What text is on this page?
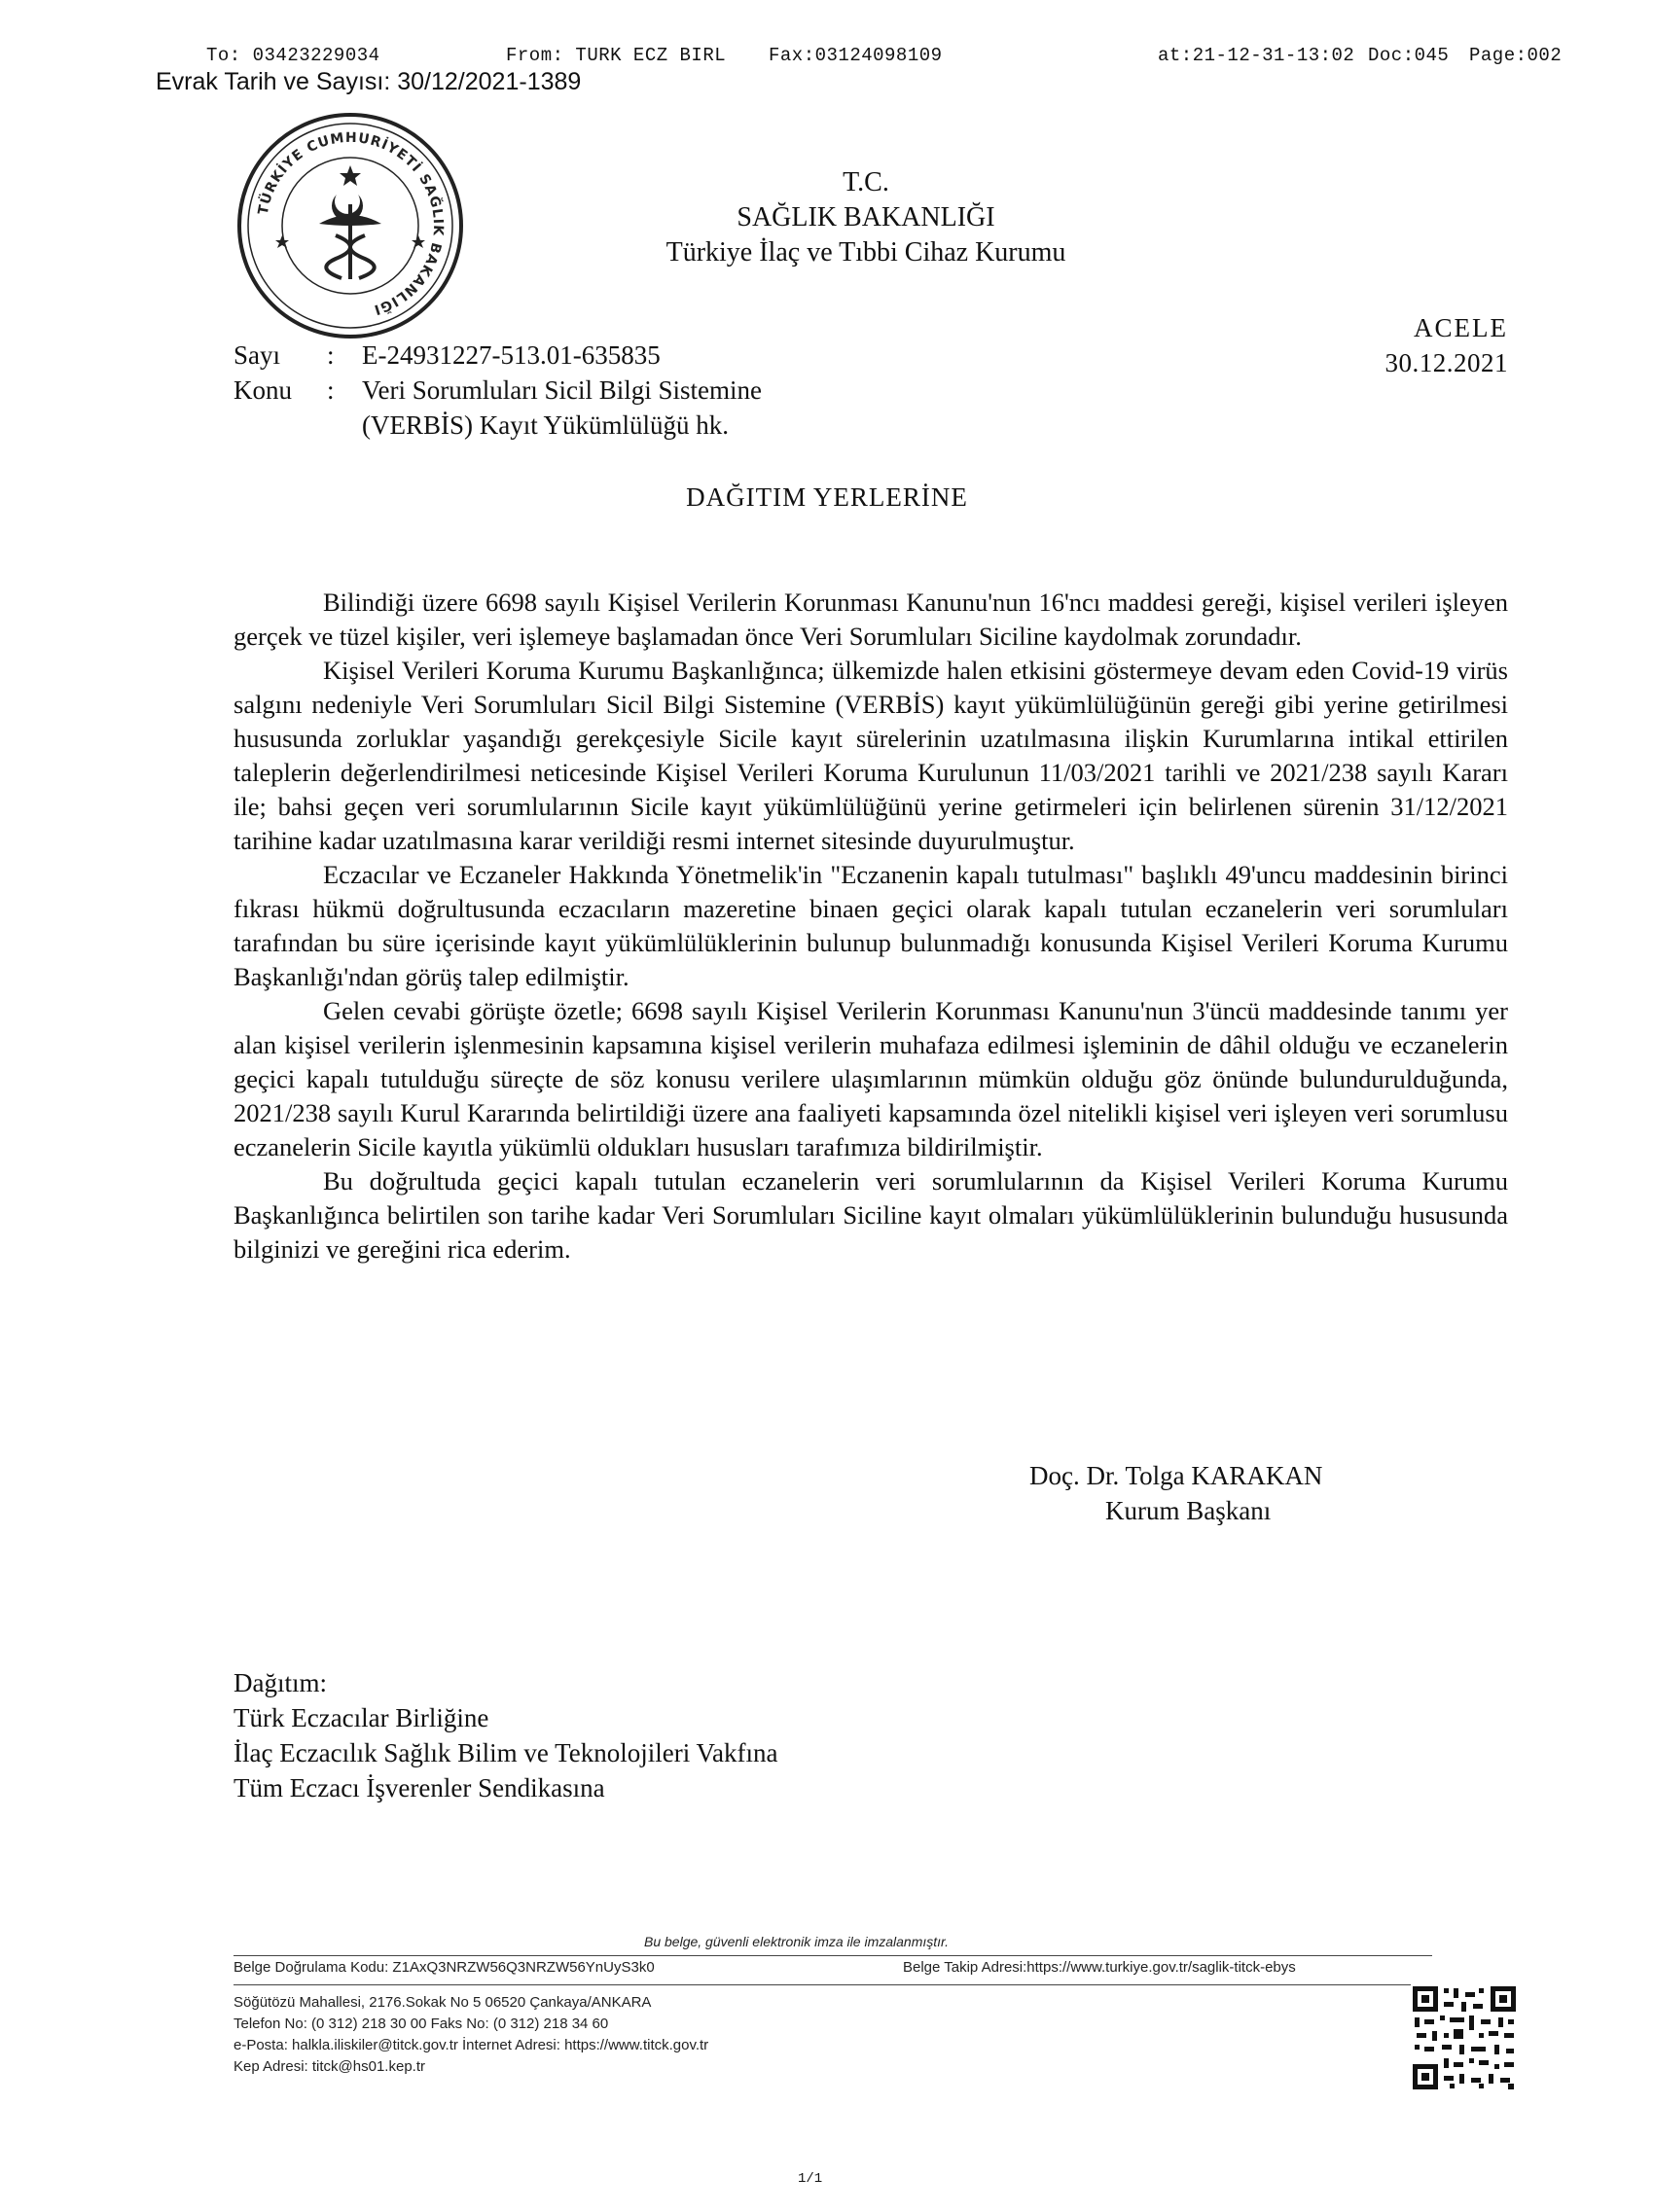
To: 03423229034	From: TURK ECZ BIRL Fax:03124098109	at:21-12-31-13:02 Doc:045 Page:002
Evrak Tarih ve Sayısı: 30/12/2021-1389
TÜRKİYE CUMHURİYETİ SAĞLIK BAKANLIĞI
T.C.
SAĞLIK BAKANLIĞI
Türkiye İlaç ve Tıbbi Cihaz Kurumu
ACELE
30.12.2021
Sayı : E-24931227-513.01-635835
Konu : Veri Sorumluları Sicil Bilgi Sistemine
(VERBİS) Kayıt Yükümlülüğü hk.
DAĞITIM YERLERİNE

Bilindiği üzere 6698 sayılı Kişisel Verilerin Korunması Kanunu'nun 16'ncı maddesi gereği, kişisel verileri işleyen gerçek ve tüzel kişiler, veri işlemeye başlamadan önce Veri Sorumluları Siciline kaydolmak zorundadır.

Kişisel Verileri Koruma Kurumu Başkanlığınca; ülkemizde halen etkisini göstermeye devam eden Covid-19 virüs salgını nedeniyle Veri Sorumluları Sicil Bilgi Sistemine (VERBİS) kayıt yükümlülüğünün gereği gibi yerine getirilmesi hususunda zorluklar yaşandığı gerekçesiyle Sicile kayıt sürelerinin uzatılmasına ilişkin Kurumlarına intikal ettirilen taleplerin değerlendirilmesi neticesinde Kişisel Verileri Koruma Kurulunun 11/03/2021 tarihli ve 2021/238 sayılı Kararı ile; bahsi geçen veri sorumlularının Sicile kayıt yükümlülüğünü yerine getirmeleri için belirlenen sürenin 31/12/2021 tarihine kadar uzatılmasına karar verildiği resmi internet sitesinde duyurulmuştur.

Eczacılar ve Eczaneler Hakkında Yönetmelik'in "Eczanenin kapalı tutulması" başlıklı 49'uncu maddesinin birinci fıkrası hükmü doğrultusunda eczacıların mazeretine binaen geçici olarak kapalı tutulan eczanelerin veri sorumluları tarafından bu süre içerisinde kayıt yükümlülüklerinin bulunup bulunmadığı konusunda Kişisel Verileri Koruma Kurumu Başkanlığı'ndan görüş talep edilmiştir.

Gelen cevabi görüşte özetle; 6698 sayılı Kişisel Verilerin Korunması Kanunu'nun 3'üncü maddesinde tanımı yer alan kişisel verilerin işlenmesinin kapsamına kişisel verilerin muhafaza edilmesi işleminin de dâhil olduğu ve eczanelerin geçici kapalı tutulduğu süreçte de söz konusu verilere ulaşımlarının mümkün olduğu göz önünde bulundurulduğunda, 2021/238 sayılı Kurul Kararında belirtildiği üzere ana faaliyeti kapsamında özel nitelikli kişisel veri işleyen veri sorumlusu eczanelerin Sicile kayıtla yükümlü oldukları hususları tarafımıza bildirilmiştir.

Bu doğrultuda geçici kapalı tutulan eczanelerin veri sorumlularının da Kişisel Verileri Koruma Kurumu Başkanlığınca belirtilen son tarihe kadar Veri Sorumluları Siciline kayıt olmaları yükümlülüklerinin bulunduğu hususunda bilginizi ve gereğini rica ederim.

Doç. Dr. Tolga KARAKAN
Kurum Başkanı
Dağıtım:
Türk Eczacılar Birliğine
İlaç Eczacılık Sağlık Bilim ve Teknolojileri Vakfına
Tüm Eczacı İşverenler Sendikasına
Bu belge, güvenli elektronik imza ile imzalanmıştır.
Belge Doğrulama Kodu: Z1AxQ3NRZW56Q3NRZW56YnUyS3k0	Belge Takip Adresi:https://www.turkiye.gov.tr/saglik-titck-ebys
Söğütözü Mahallesi, 2176.Sokak No 5 06520 Çankaya/ANKARA
Telefon No: (0 312) 218 30 00 Faks No: (0 312) 218 34 60
e-Posta: halkla.iliskiler@titck.gov.tr İnternet Adresi: https://www.titck.gov.tr
Kep Adresi: titck@hs01.kep.tr
1/1
